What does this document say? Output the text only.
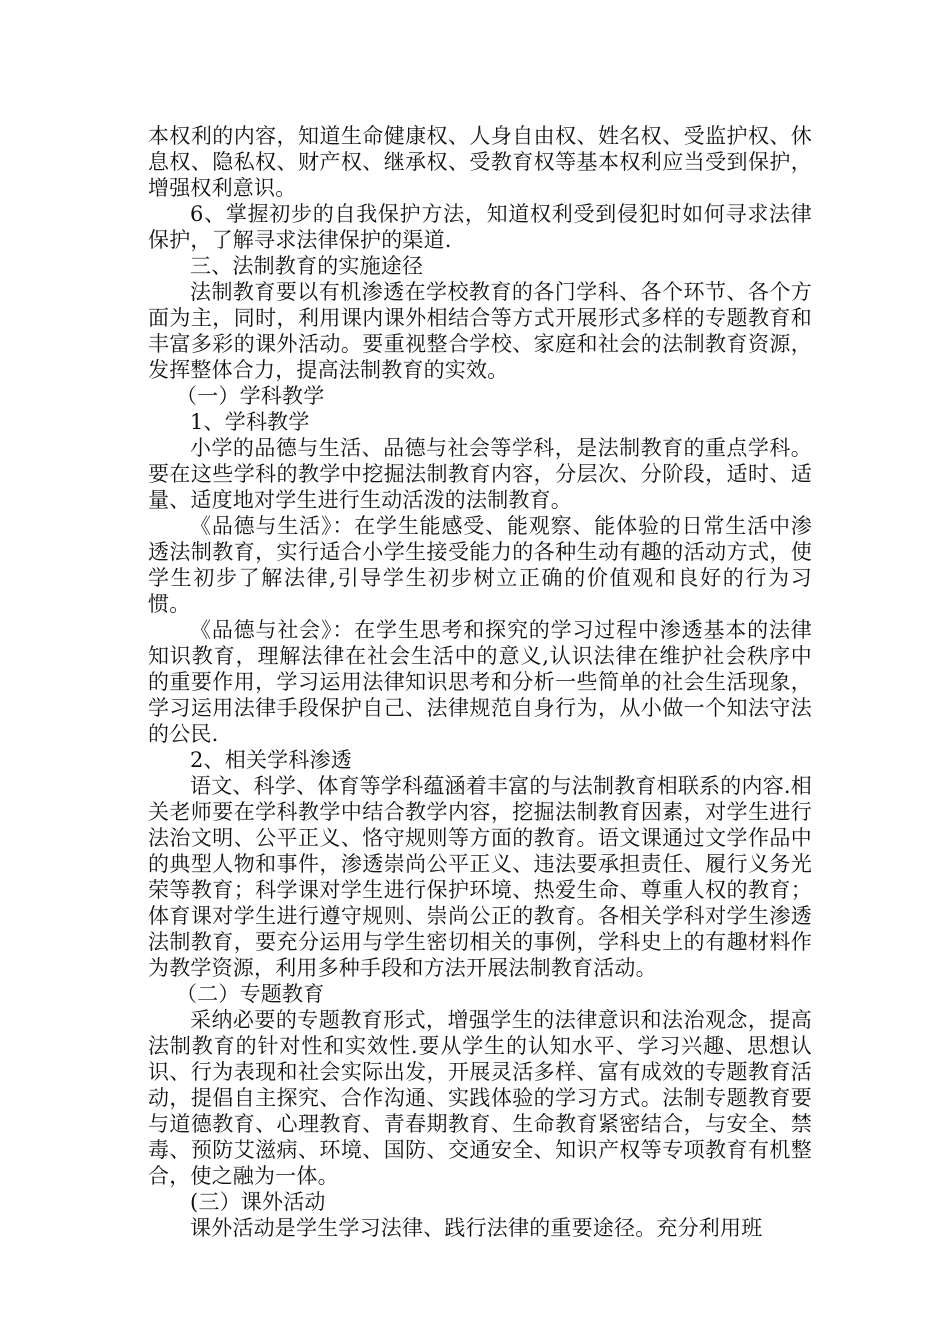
本权利的内容，知道生命健康权、人身自由权、姓名权、受监护权、休息权、隐私权、财产权、继承权、受教育权等基本权利应当受到保护，增强权利意识。

6、掌握初步的自我保护方法，知道权利受到侵犯时如何寻求法律保护，了解寻求法律保护的渠道.

三、法制教育的实施途径

法制教育要以有机渗透在学校教育的各门学科、各个环节、各个方面为主，同时，利用课内课外相结合等方式开展形式多样的专题教育和丰富多彩的课外活动。要重视整合学校、家庭和社会的法制教育资源，发挥整体合力，提高法制教育的实效。

（一）学科教学

1、学科教学

小学的品德与生活、品德与社会等学科，是法制教育的重点学科。要在这些学科的教学中挖掘法制教育内容，分层次、分阶段，适时、适量、适度地对学生进行生动活泼的法制教育。

《品德与生活》：在学生能感受、能观察、能体验的日常生活中渗透法制教育，实行适合小学生接受能力的各种生动有趣的活动方式，使学生初步了解法律,引导学生初步树立正确的价值观和良好的行为习惯。

《品德与社会》：在学生思考和探究的学习过程中渗透基本的法律知识教育，理解法律在社会生活中的意义,认识法律在维护社会秩序中的重要作用，学习运用法律知识思考和分析一些简单的社会生活现象，学习运用法律手段保护自己、法律规范自身行为，从小做一个知法守法的公民.

2、相关学科渗透

语文、科学、体育等学科蕴涵着丰富的与法制教育相联系的内容.相关老师要在学科教学中结合教学内容，挖掘法制教育因素，对学生进行法治文明、公平正义、恪守规则等方面的教育。语文课通过文学作品中的典型人物和事件，渗透崇尚公平正义、违法要承担责任、履行义务光荣等教育；科学课对学生进行保护环境、热爱生命、尊重人权的教育；体育课对学生进行遵守规则、崇尚公正的教育。各相关学科对学生渗透法制教育，要充分运用与学生密切相关的事例，学科史上的有趣材料作为教学资源，利用多种手段和方法开展法制教育活动。

（二）专题教育

采纳必要的专题教育形式，增强学生的法律意识和法治观念，提高法制教育的针对性和实效性.要从学生的认知水平、学习兴趣、思想认识、行为表现和社会实际出发，开展灵活多样、富有成效的专题教育活动，提倡自主探究、合作沟通、实践体验的学习方式。法制专题教育要与道德教育、心理教育、青春期教育、生命教育紧密结合，与安全、禁毒、预防艾滋病、环境、国防、交通安全、知识产权等专项教育有机整合，使之融为一体。

(三）课外活动

课外活动是学生学习法律、践行法律的重要途径。充分利用班
